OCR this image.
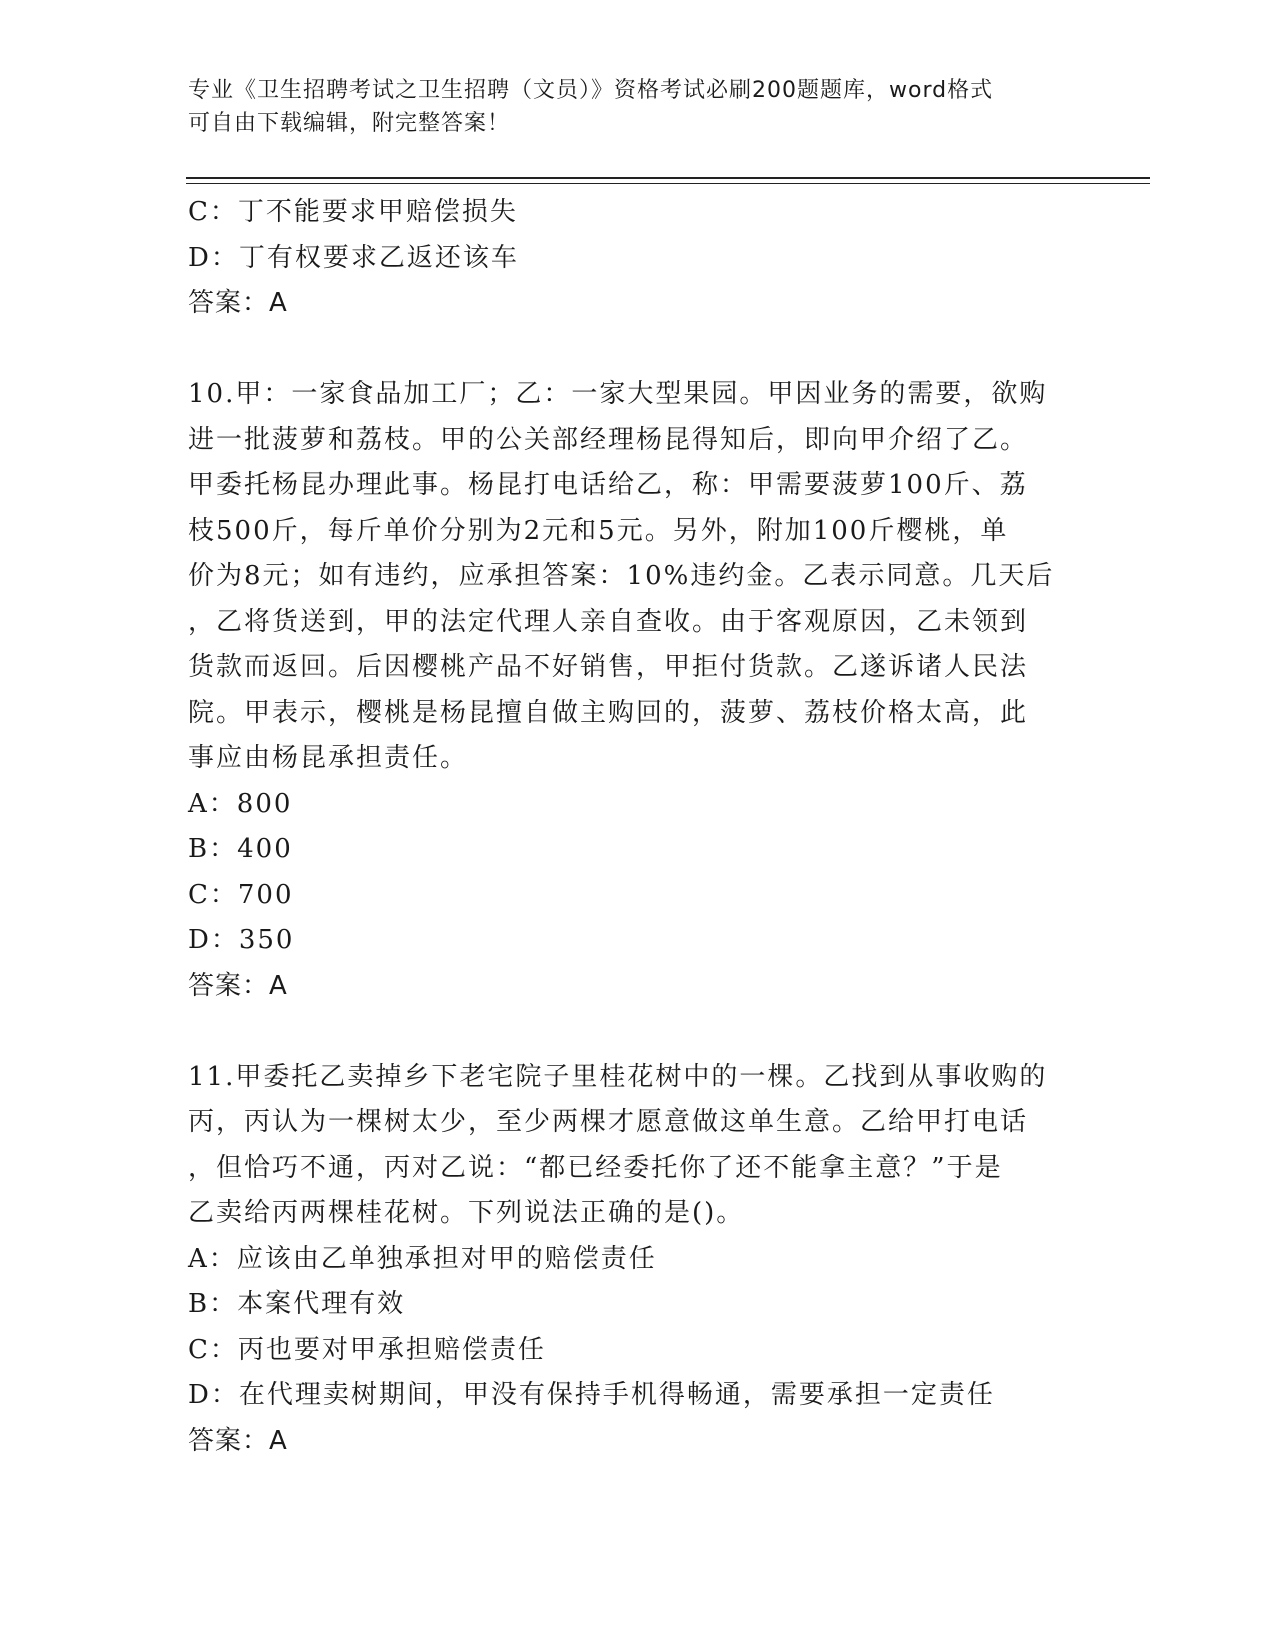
专业《卫生招聘考试之卫生招聘（文员）》资格考试必刷200题题库，word格式
可自由下载编辑，附完整答案！
C：丁不能要求甲赔偿损失
D：丁有权要求乙返还该车
答案：A
10.甲：一家食品加工厂；乙：一家大型果园。甲因业务的需要，欲购
进一批菠萝和荔枝。甲的公关部经理杨昆得知后，即向甲介绍了乙。
甲委托杨昆办理此事。杨昆打电话给乙，称：甲需要菠萝100斤、荔
枝500斤，每斤单价分别为2元和5元。另外，附加100斤樱桃，单
价为8元；如有违约，应承担答案：10%违约金。乙表示同意。几天后
，乙将货送到，甲的法定代理人亲自查收。由于客观原因，乙未领到
货款而返回。后因樱桃产品不好销售，甲拒付货款。乙遂诉诸人民法
院。甲表示，樱桃是杨昆擅自做主购回的，菠萝、荔枝价格太高，此
事应由杨昆承担责任。
A：800
B：400
C：700
D：350
答案：A
11.甲委托乙卖掉乡下老宅院子里桂花树中的一棵。乙找到从事收购的
丙，丙认为一棵树太少，至少两棵才愿意做这单生意。乙给甲打电话
，但恰巧不通，丙对乙说：“都已经委托你了还不能拿主意？”于是
乙卖给丙两棵桂花树。下列说法正确的是()。
A：应该由乙单独承担对甲的赔偿责任
B：本案代理有效
C：丙也要对甲承担赔偿责任
D：在代理卖树期间，甲没有保持手机得畅通，需要承担一定责任
答案：A
